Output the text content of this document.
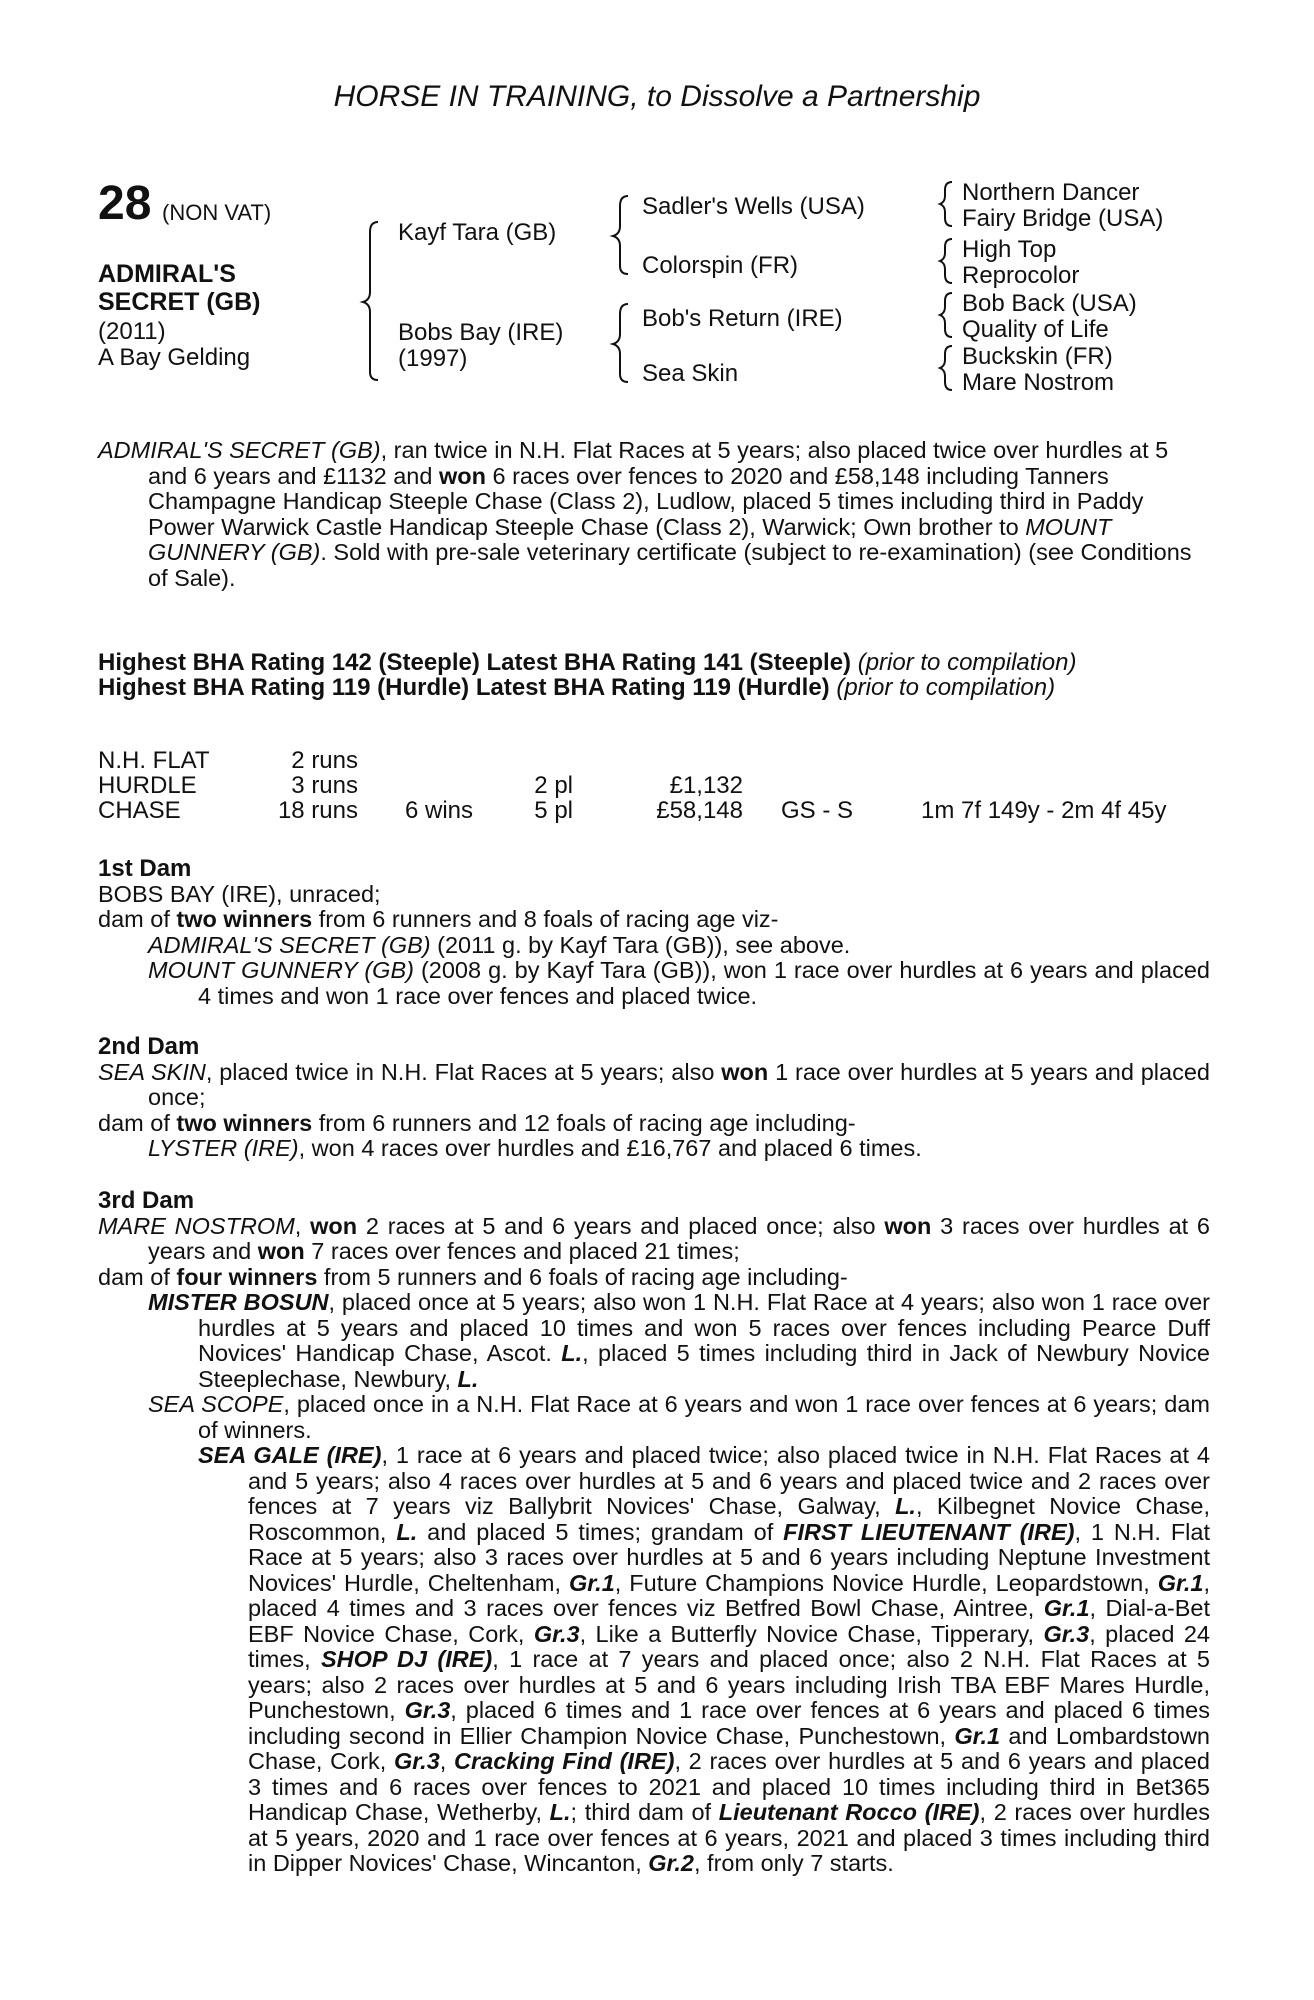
HORSE IN TRAINING, to Dissolve a Partnership
28 (NON VAT)
ADMIRAL'S
SECRET (GB)
(2011)
A Bay Gelding
Kayf Tara (GB)
Bobs Bay (IRE)
(1997)
Sadler's Wells (USA)
Colorspin (FR)
Bob's Return (IRE)
Sea Skin
Northern Dancer
Fairy Bridge (USA)
High Top
Reprocolor
Bob Back (USA)
Quality of Life
Buckskin (FR)
Mare Nostrom

ADMIRAL'S SECRET (GB), ran twice in N.H. Flat Races at 5 years; also placed twice over hurdles at 5 and 6 years and £1132 and won 6 races over fences to 2020 and £58,148 including Tanners Champagne Handicap Steeple Chase (Class 2), Ludlow, placed 5 times including third in Paddy Power Warwick Castle Handicap Steeple Chase (Class 2), Warwick; Own brother to MOUNT GUNNERY (GB). Sold with pre-sale veterinary certificate (subject to re-examination) (see Conditions of Sale).

Highest BHA Rating 142 (Steeple) Latest BHA Rating 141 (Steeple) (prior to compilation)
Highest BHA Rating 119 (Hurdle) Latest BHA Rating 119 (Hurdle) (prior to compilation)
N.H. FLAT	2 runs					
HURDLE	3 runs		2 pl	£1,132		
CHASE	18 runs	6 wins	5 pl	£58,148	GS - S	1m 7f 149y - 2m 4f 45y

1st Dam

BOBS BAY (IRE), unraced;

dam of two winners from 6 runners and 8 foals of racing age viz-

ADMIRAL'S SECRET (GB) (2011 g. by Kayf Tara (GB)), see above.

MOUNT GUNNERY (GB) (2008 g. by Kayf Tara (GB)), won 1 race over hurdles at 6 years and placed 4 times and won 1 race over fences and placed twice.

2nd Dam

SEA SKIN, placed twice in N.H. Flat Races at 5 years; also won 1 race over hurdles at 5 years and placed once;

dam of two winners from 6 runners and 12 foals of racing age including-

LYSTER (IRE), won 4 races over hurdles and £16,767 and placed 6 times.

3rd Dam

MARE NOSTROM, won 2 races at 5 and 6 years and placed once; also won 3 races over hurdles at 6 years and won 7 races over fences and placed 21 times;

dam of four winners from 5 runners and 6 foals of racing age including-

MISTER BOSUN, placed once at 5 years; also won 1 N.H. Flat Race at 4 years; also won 1 race over hurdles at 5 years and placed 10 times and won 5 races over fences including Pearce Duff Novices' Handicap Chase, Ascot. L., placed 5 times including third in Jack of Newbury Novice Steeplechase, Newbury, L.

SEA SCOPE, placed once in a N.H. Flat Race at 6 years and won 1 race over fences at 6 years; dam of winners.

SEA GALE (IRE), 1 race at 6 years and placed twice; also placed twice in N.H. Flat Races at 4 and 5 years; also 4 races over hurdles at 5 and 6 years and placed twice and 2 races over fences at 7 years viz Ballybrit Novices' Chase, Galway, L., Kilbegnet Novice Chase, Roscommon, L. and placed 5 times; grandam of FIRST LIEUTENANT (IRE), 1 N.H. Flat Race at 5 years; also 3 races over hurdles at 5 and 6 years including Neptune Investment Novices' Hurdle, Cheltenham, Gr.1, Future Champions Novice Hurdle, Leopardstown, Gr.1, placed 4 times and 3 races over fences viz Betfred Bowl Chase, Aintree, Gr.1, Dial-a-Bet EBF Novice Chase, Cork, Gr.3, Like a Butterfly Novice Chase, Tipperary, Gr.3, placed 24 times, SHOP DJ (IRE), 1 race at 7 years and placed once; also 2 N.H. Flat Races at 5 years; also 2 races over hurdles at 5 and 6 years including Irish TBA EBF Mares Hurdle, Punchestown, Gr.3, placed 6 times and 1 race over fences at 6 years and placed 6 times including second in Ellier Champion Novice Chase, Punchestown, Gr.1 and Lombardstown Chase, Cork, Gr.3, Cracking Find (IRE), 2 races over hurdles at 5 and 6 years and placed 3 times and 6 races over fences to 2021 and placed 10 times including third in Bet365 Handicap Chase, Wetherby, L.; third dam of Lieutenant Rocco (IRE), 2 races over hurdles at 5 years, 2020 and 1 race over fences at 6 years, 2021 and placed 3 times including third in Dipper Novices' Chase, Wincanton, Gr.2, from only 7 starts.
